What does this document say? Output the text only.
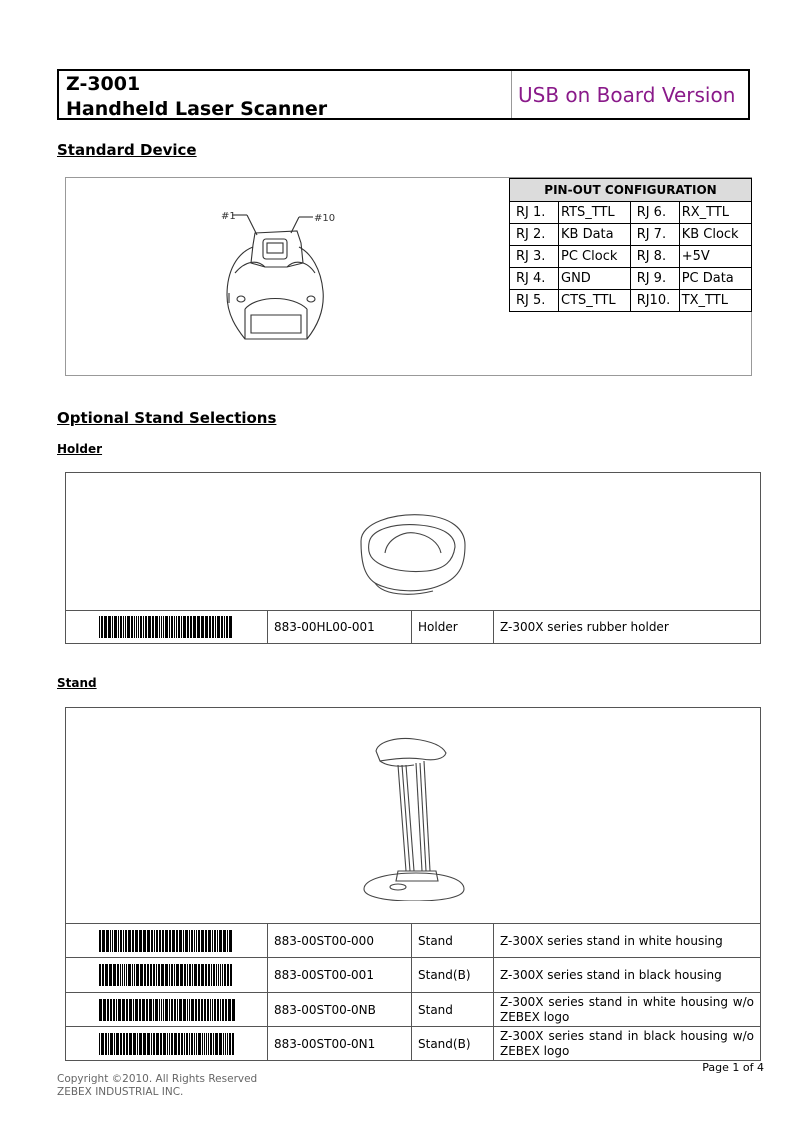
Z-3001
Handheld Laser Scanner
USB on Board Version
Standard Device
#1	#10
PIN-OUT CONFIGURATION			
RJ 1.	RTS_TTL	RJ 6.	RX_TTL
RJ 2.	KB Data	RJ 7.	KB Clock
RJ 3.	PC Clock	RJ 8.	+5V
RJ 4.	GND	RJ 9.	PC Data
RJ 5.	CTS_TTL	RJ10.	TX_TTL
Optional Stand Selections
Holder

	883-00HL00-001	Holder	Z-300X series rubber holder
Stand

	883-00ST00-000	Stand	Z-300X series stand in white housing

	883-00ST00-001	Stand(B)	Z-300X series stand in black housing

	883-00ST00-0NB	Stand	Z-300X series stand in white housing w/o ZEBEX logo

	883-00ST00-0N1	Stand(B)	Z-300X series stand in black housing w/o ZEBEX logo
Page 1 of 4
Copyright ©2010. All Rights Reserved
ZEBEX INDUSTRIAL INC.
